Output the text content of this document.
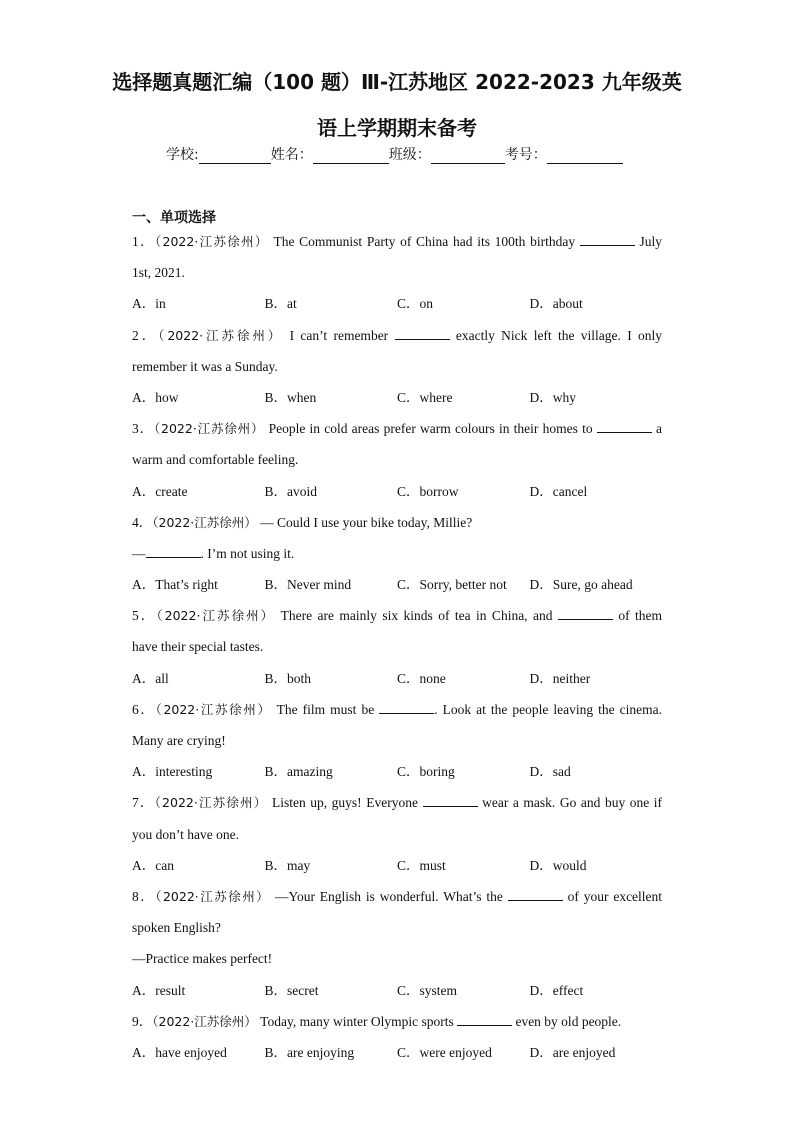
选择题真题汇编（100 题）Ⅲ-江苏地区 2022-2023 九年级英
语上学期期末备考
学校:	姓名：	班级：	考号：
一、单项选择
1．（2022·江苏徐州） The Communist Party of China had its 100th birthday	July
1st, 2021.
A．in	B．at	C．on	D．about
2．（2022·江苏徐州） I can’t remember	exactly Nick left the village. I only
remember it was a Sunday.
A．how	B．when	C．where	D．why
3．（2022·江苏徐州） People in cold areas prefer warm colours in their homes to	a
warm and comfortable feeling.
A．create	B．avoid	C．borrow	D．cancel
4．（2022·江苏徐州） — Could I use your bike today, Millie?
—	. I’m not using it.
A．That’s right	B．Never mind	C．Sorry, better not	D．Sure, go ahead
5．（2022·江苏徐州） There are mainly six kinds of tea in China, and	of them
have their special tastes.
A．all	B．both	C．none	D．neither
6．（2022·江苏徐州） The film must be	. Look at the people leaving the cinema.
Many are crying!
A．interesting	B．amazing	C．boring	D．sad
7．（2022·江苏徐州） Listen up, guys! Everyone	wear a mask. Go and buy one if
you don’t have one.
A．can	B．may	C．must	D．would
8．（2022·江苏徐州） —Your English is wonderful. What’s the	of your excellent
spoken English?
—Practice makes perfect!
A．result	B．secret	C．system	D．effect
9．（2022·江苏徐州） Today, many winter Olympic sports	even by old people.
A．have enjoyed	B．are enjoying	C．were enjoyed	D．are enjoyed
